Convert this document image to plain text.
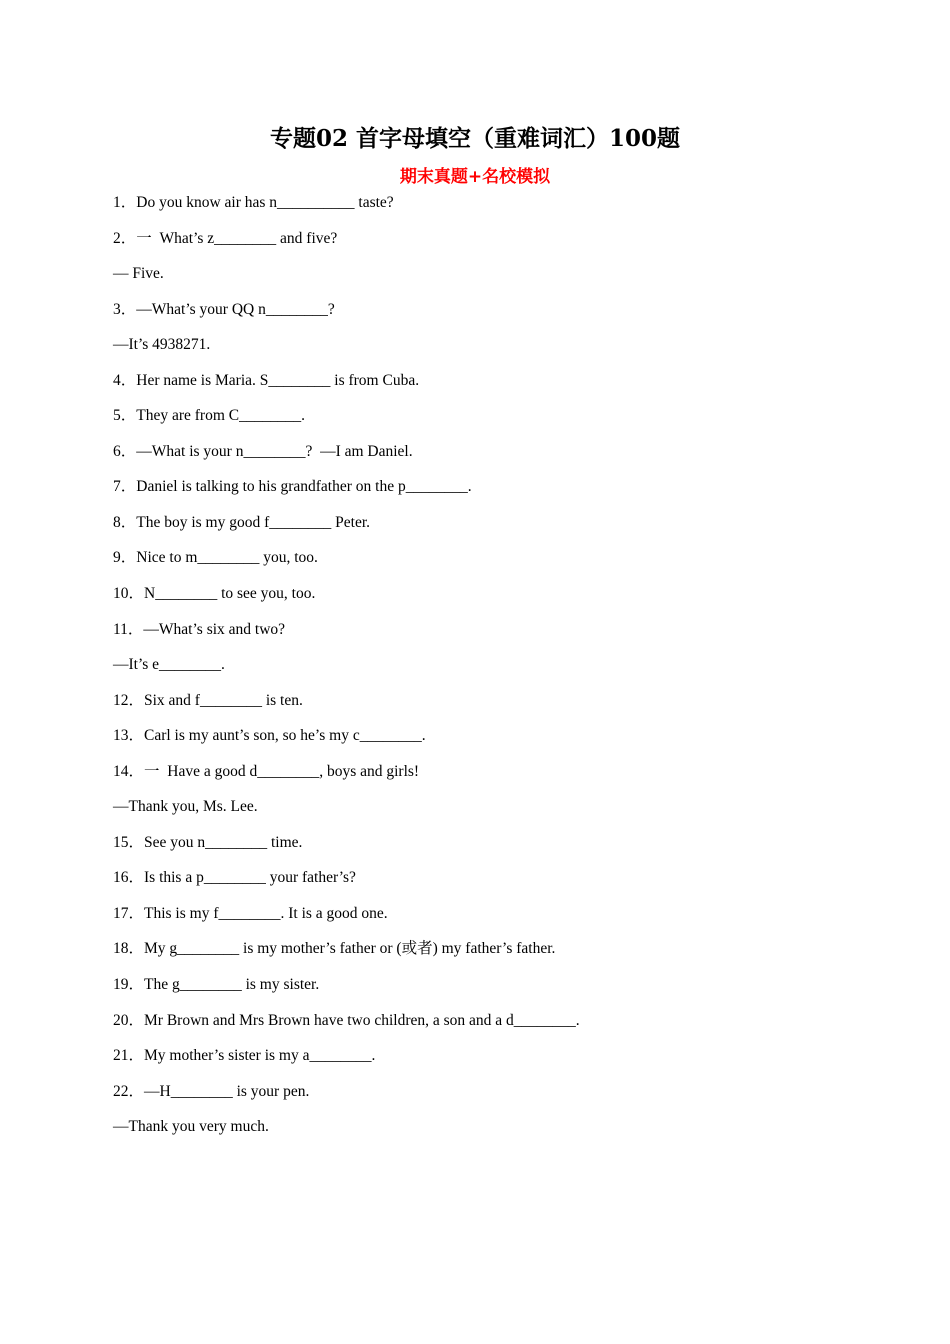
专题02 首字母填空（重难词汇）100题
期末真题+名校模拟
1．Do you know air has n__________ taste?
2．一  What’s z________ and five?
— Five.
3．—What’s your QQ n________?
—It’s 4938271.
4．Her name is Maria. S________ is from Cuba.
5．They are from C________.
6．—What is your n________?  —I am Daniel.
7．Daniel is talking to his grandfather on the p________.
8．The boy is my good f________ Peter.
9．Nice to m________ you, too.
10．N________ to see you, too.
11．—What’s six and two?
—It’s e________.
12．Six and f________ is ten.
13．Carl is my aunt’s son, so he’s my c________.
14．一  Have a good d________, boys and girls!
—Thank you, Ms. Lee.
15．See you n________ time.
16．Is this a p________ your father’s?
17．This is my f________. It is a good one.
18．My g________ is my mother’s father or (或者) my father’s father.
19．The g________ is my sister.
20．Mr Brown and Mrs Brown have two children, a son and a d________.
21．My mother’s sister is my a________.
22．—H________ is your pen.
—Thank you very much.
